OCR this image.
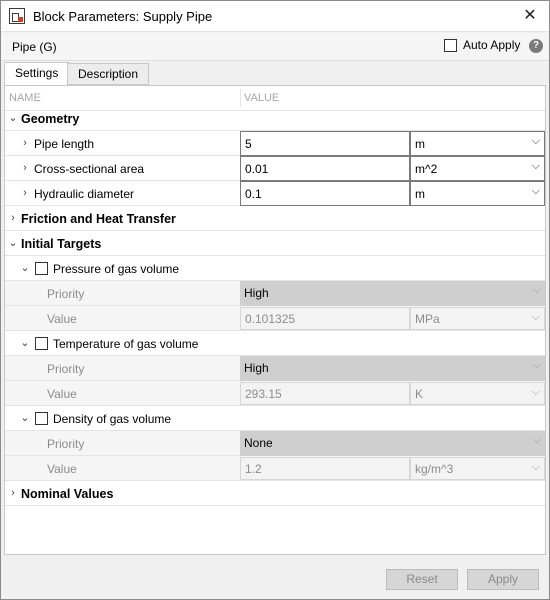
Block Parameters: Supply Pipe	✕
Pipe (G)	Auto Apply	?
Settings	Description
NAME	VALUE
⌄ Geometry
› Pipe length	5	m	⌵
› Cross-sectional area	0.01	m^2	⌵
› Hydraulic diameter	0.1	m	⌵
› Friction and Heat Transfer
⌄ Initial Targets
⌄ Pressure of gas volume
Priority	High	⌵
Value	0.101325	MPa	⌵
⌄ Temperature of gas volume
Priority	High	⌵
Value	293.15	K	⌵
⌄ Density of gas volume
Priority	None	⌵
Value	1.2	kg/m^3	⌵
› Nominal Values
Reset	Apply
